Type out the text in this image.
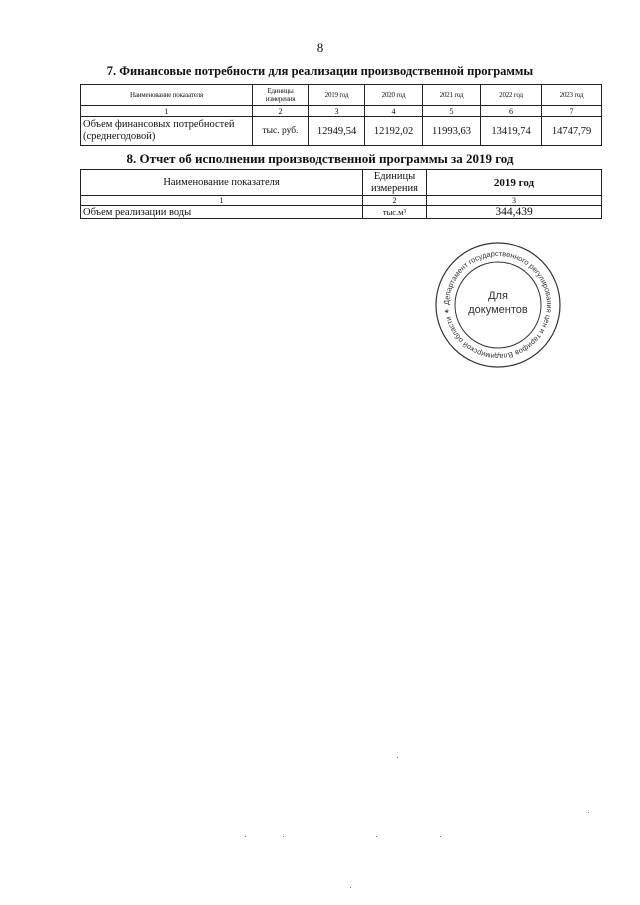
8
7. Финансовые потребности для реализации производственной программы
Наименование показателя	Единицы измерения	2019 год	2020 год	2021 год	2022 год	2023 год
1	2	3	4	5	6	7
Объем финансовых потребностей (среднегодовой)	тыс. руб.	12949,54	12192,02	11993,63	13419,74	14747,79
8. Отчет об исполнении производственной программы за 2019 год
Наименование показателя	Единицы измерения	2019 год
1	2	3
Объем реализации воды	тыс.м³	344,439
Департамент государственного регулирования цен и тарифов Владимирской области ✶
Для
документов
